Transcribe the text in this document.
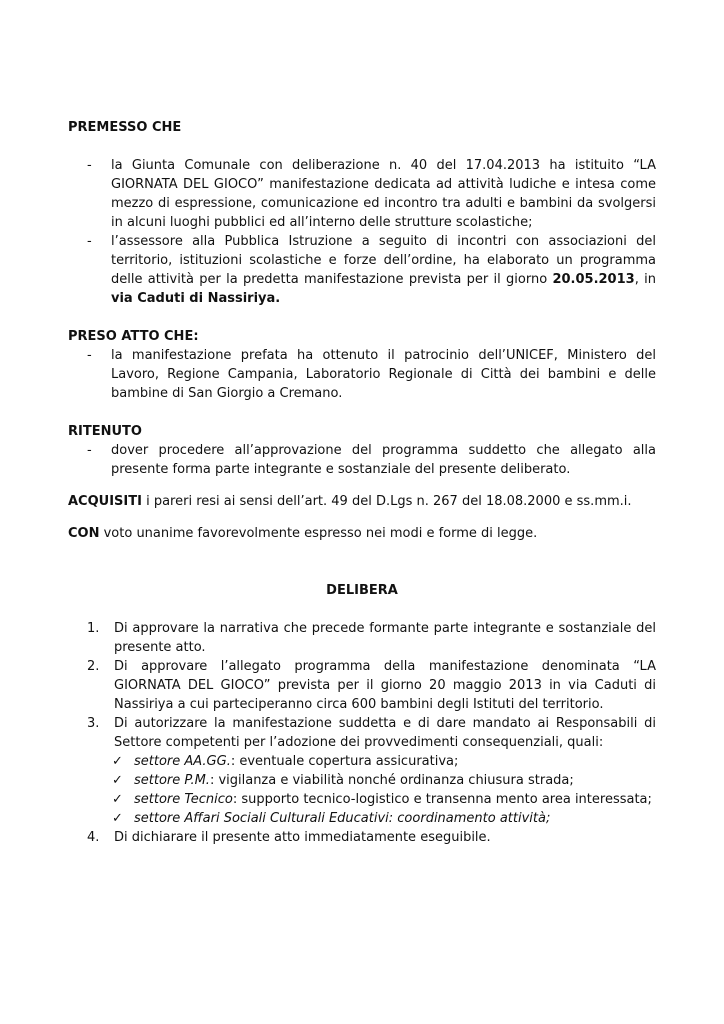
PREMESSO CHE
-	la Giunta Comunale con deliberazione n. 40 del 17.04.2013 ha istituito “LA GIORNATA DEL GIOCO” manifestazione dedicata ad attività ludiche e intesa come mezzo di espressione, comunicazione ed incontro tra adulti e bambini da svolgersi in alcuni luoghi pubblici ed all’interno delle strutture scolastiche;
-	l’assessore alla Pubblica Istruzione a seguito di incontri con associazioni del territorio, istituzioni scolastiche e forze dell’ordine, ha elaborato un programma delle attività per la predetta manifestazione prevista per il giorno 20.05.2013, in via Caduti di Nassiriya.
PRESO ATTO CHE:
-	la manifestazione prefata ha ottenuto il patrocinio dell’UNICEF, Ministero del Lavoro, Regione Campania, Laboratorio Regionale di Città dei bambini e delle bambine di San Giorgio a Cremano.
RITENUTO
-	dover procedere all’approvazione del programma suddetto che allegato alla presente forma parte integrante e sostanziale del presente deliberato.

ACQUISITI i pareri resi ai sensi dell’art. 49 del D.Lgs n. 267 del 18.08.2000 e ss.mm.i.

CON voto unanime favorevolmente espresso nei modi e forme di legge.

DELIBERA
1.	Di approvare la narrativa che precede formante parte integrante e sostanziale del presente atto.
2.	Di approvare l’allegato programma della manifestazione denominata “LA GIORNATA DEL GIOCO” prevista per il giorno 20 maggio 2013 in via Caduti di Nassiriya a cui parteciperanno circa 600 bambini degli Istituti del territorio.
3.	Di autorizzare la manifestazione suddetta e di dare mandato ai Responsabili di Settore competenti per l’adozione dei provvedimenti consequenziali, quali:
✓ settore AA.GG.: eventuale copertura assicurativa;
✓ settore P.M.: vigilanza e viabilità nonché ordinanza chiusura strada;
✓ settore Tecnico: supporto tecnico-logistico e transenna mento area interessata;
✓ settore Affari Sociali Culturali Educativi: coordinamento attività;
4.	Di dichiarare il presente atto immediatamente eseguibile.
